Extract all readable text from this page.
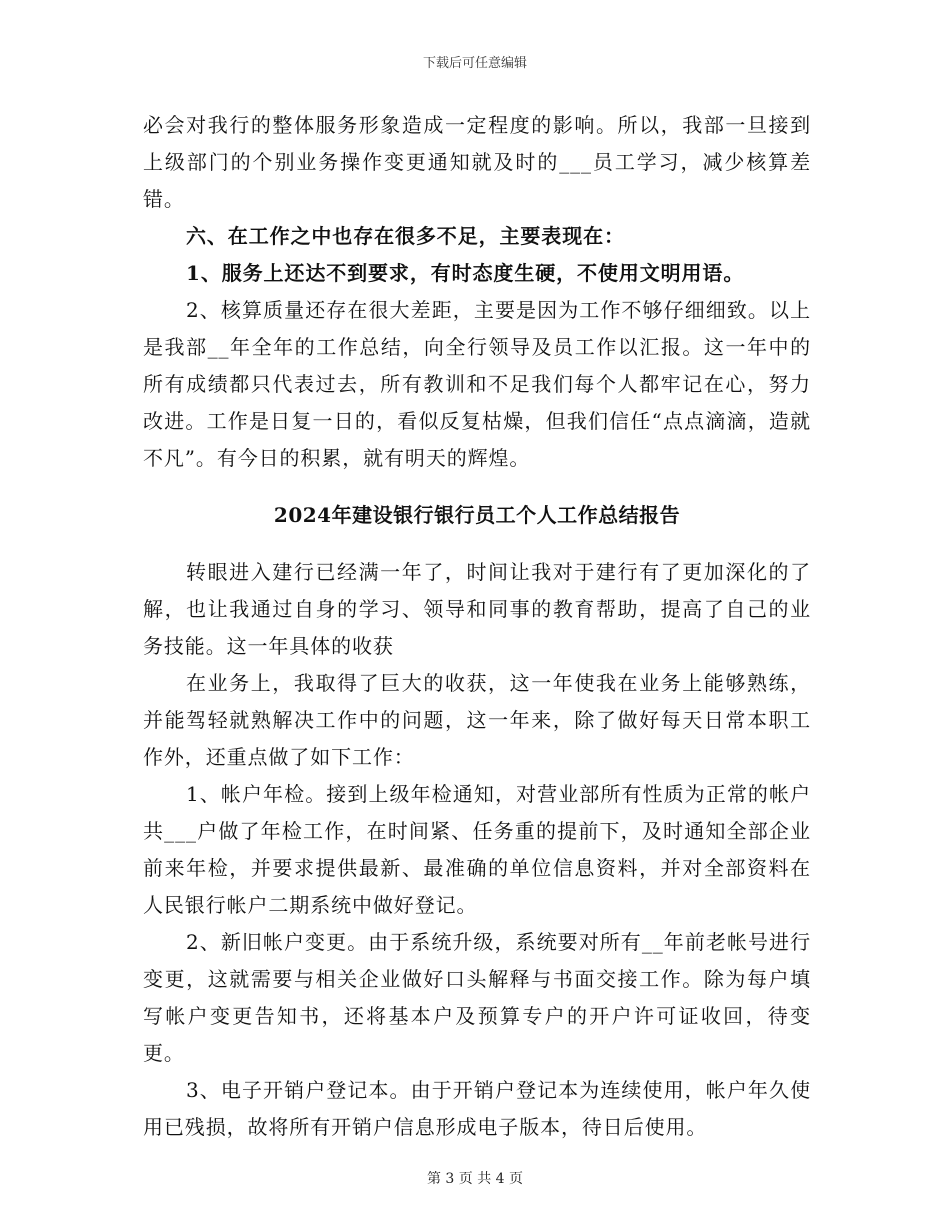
下载后可任意编辑

必会对我行的整体服务形象造成一定程度的影响。所以，我部一旦接到上级部门的个别业务操作变更通知就及时的___员工学习，减少核算差错。

六、在工作之中也存在很多不足，主要表现在：

1、服务上还达不到要求，有时态度生硬，不使用文明用语。

2、核算质量还存在很大差距，主要是因为工作不够仔细细致。以上是我部__年全年的工作总结，向全行领导及员工作以汇报。这一年中的所有成绩都只代表过去，所有教训和不足我们每个人都牢记在心，努力改进。工作是日复一日的，看似反复枯燥，但我们信任“点点滴滴，造就不凡”。有今日的积累，就有明天的辉煌。

2024年建设银行银行员工个人工作总结报告

转眼进入建行已经满一年了，时间让我对于建行有了更加深化的了解，也让我通过自身的学习、领导和同事的教育帮助，提高了自己的业务技能。这一年具体的收获

在业务上，我取得了巨大的收获，这一年使我在业务上能够熟练，并能驾轻就熟解决工作中的问题，这一年来，除了做好每天日常本职工作外，还重点做了如下工作：

1、帐户年检。接到上级年检通知，对营业部所有性质为正常的帐户共___户做了年检工作，在时间紧、任务重的提前下，及时通知全部企业前来年检，并要求提供最新、最准确的单位信息资料，并对全部资料在人民银行帐户二期系统中做好登记。

2、新旧帐户变更。由于系统升级，系统要对所有__年前老帐号进行变更，这就需要与相关企业做好口头解释与书面交接工作。除为每户填写帐户变更告知书，还将基本户及预算专户的开户许可证收回，待变更。

3、电子开销户登记本。由于开销户登记本为连续使用，帐户年久使用已残损，故将所有开销户信息形成电子版本，待日后使用。

第 3 页 共 4 页
